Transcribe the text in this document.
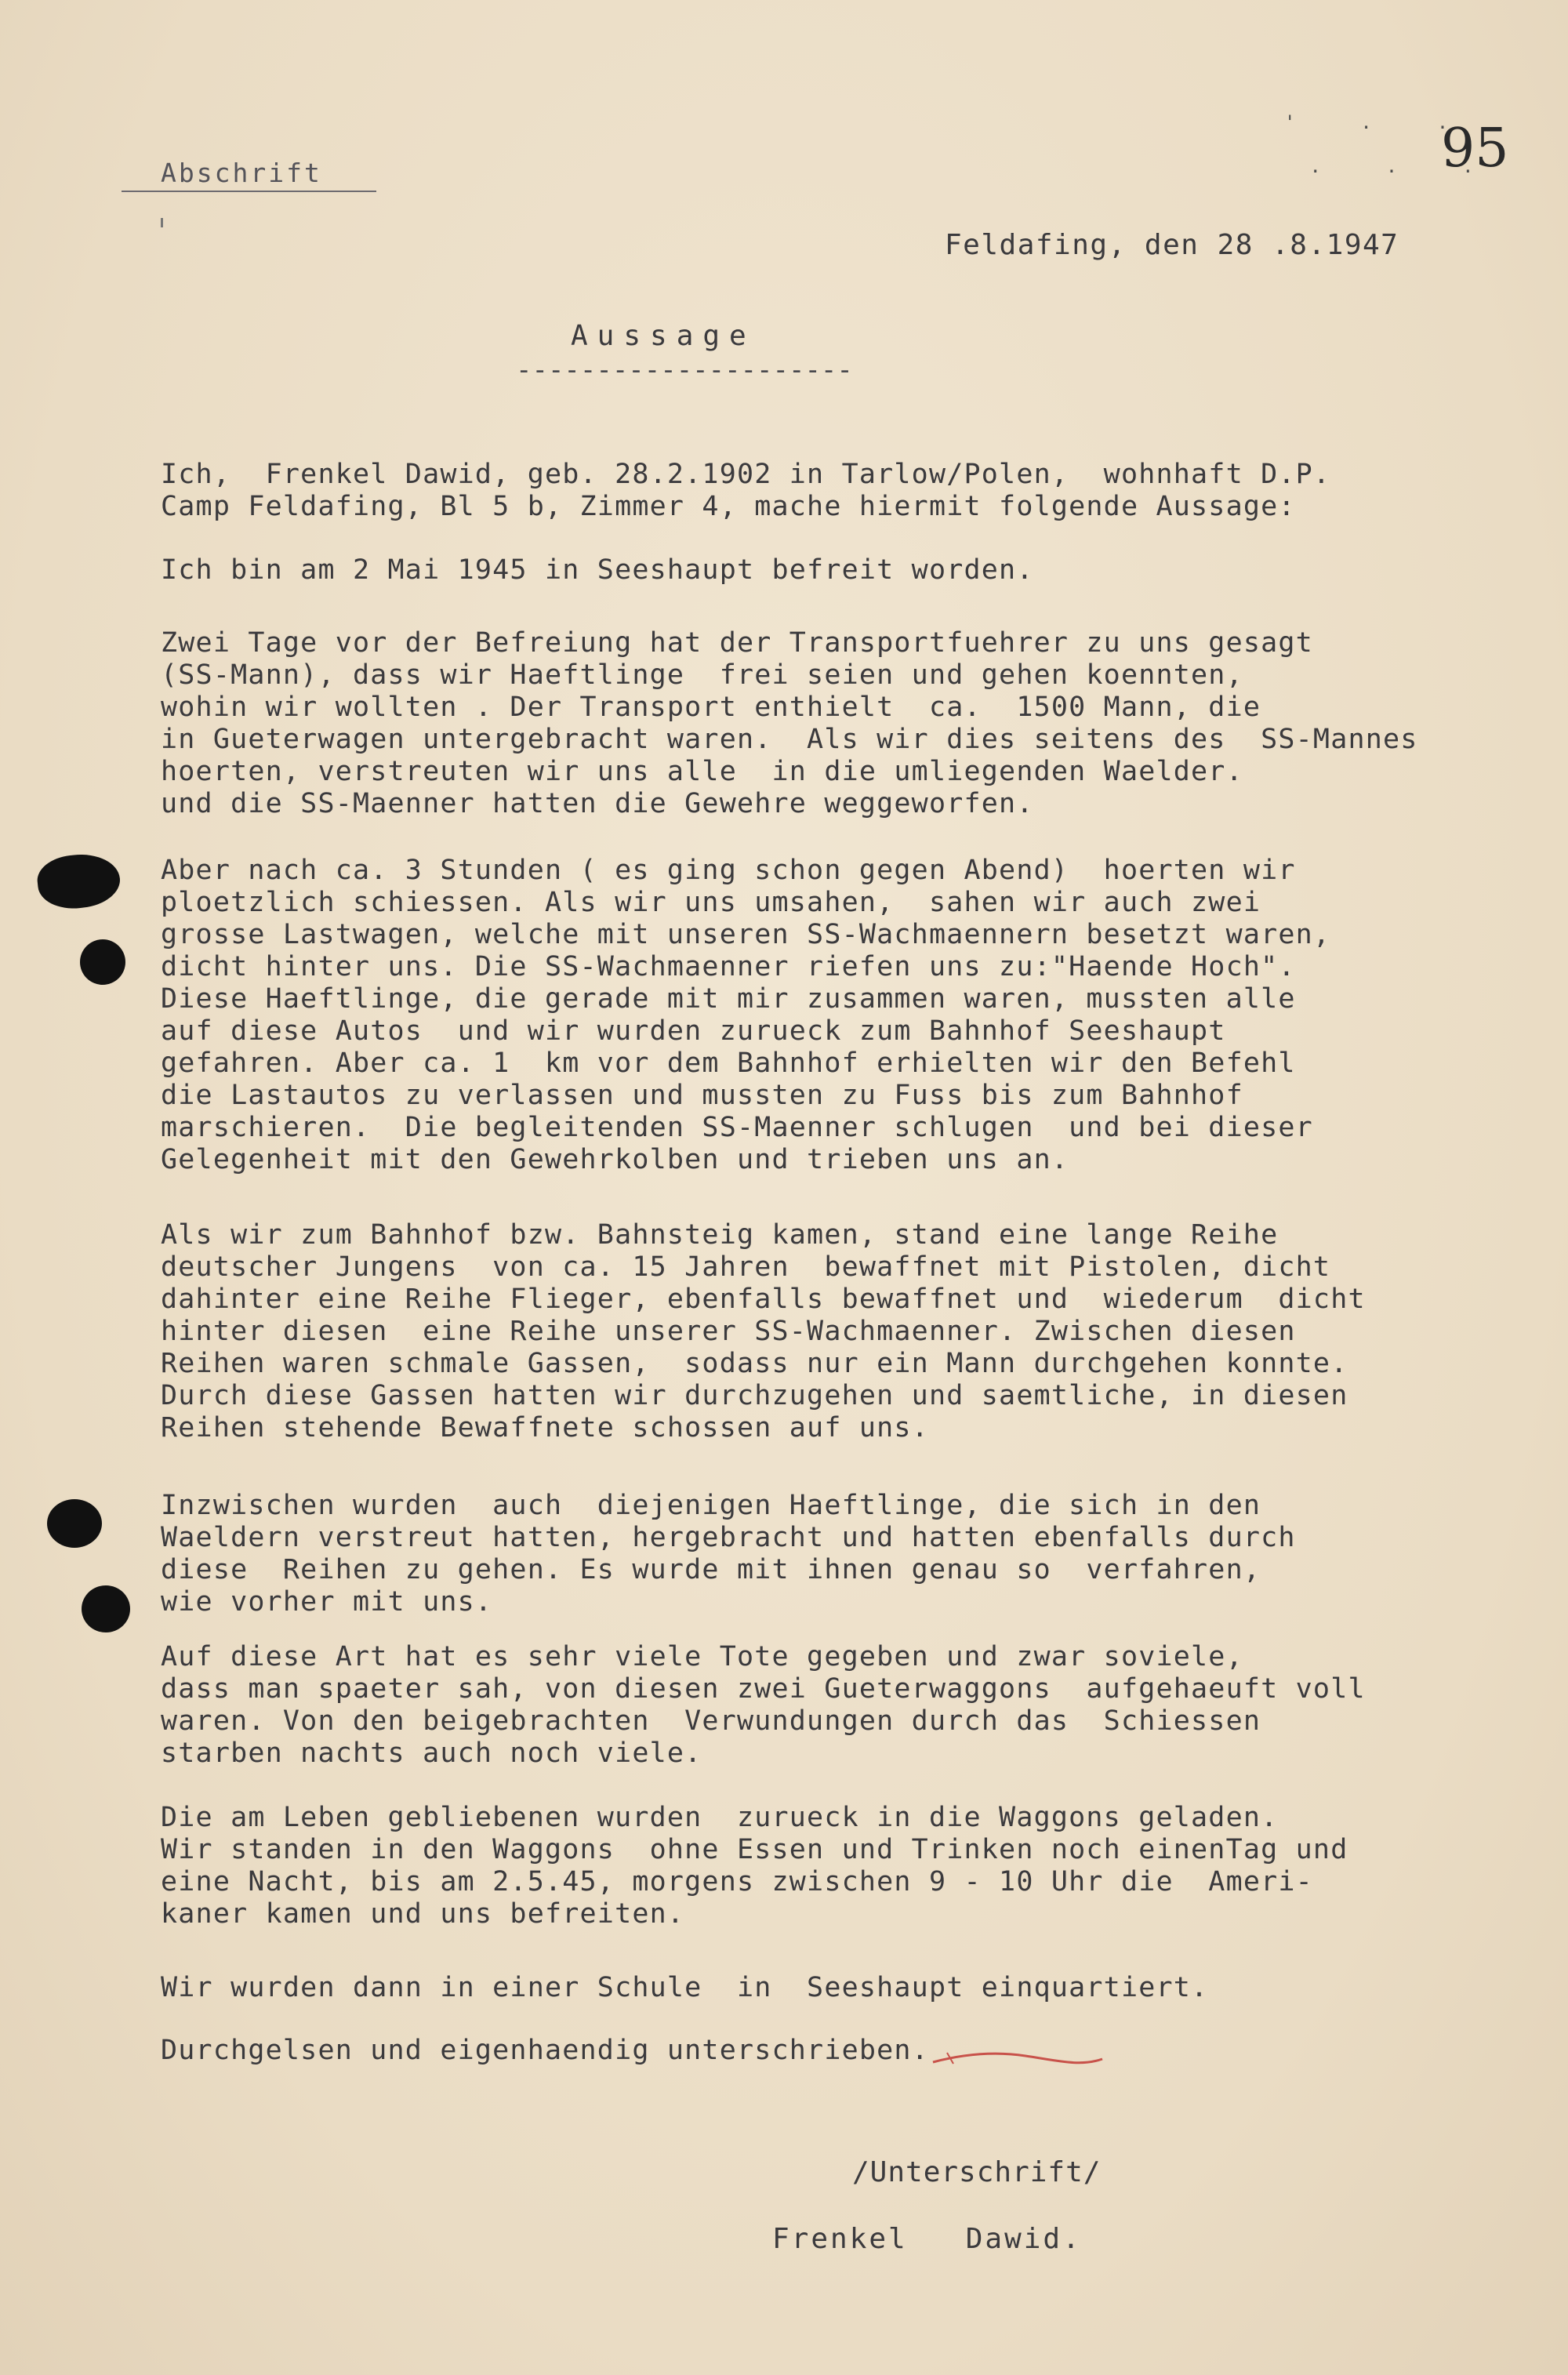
Abschrift
'  .  .
.  .  .
95
Feldafing, den 28 .8.1947
Aussage
---------------------
Ich,  Frenkel Dawid, geb. 28.2.1902 in Tarlow/Polen,  wohnhaft D.P.
Camp Feldafing, Bl 5 b, Zimmer 4, mache hiermit folgende Aussage:
Ich bin am 2 Mai 1945 in Seeshaupt befreit worden.
Zwei Tage vor der Befreiung hat der Transportfuehrer zu uns gesagt
(SS-Mann), dass wir Haeftlinge  frei seien und gehen koennten,
wohin wir wollten . Der Transport enthielt  ca.  1500 Mann, die
in Gueterwagen untergebracht waren.  Als wir dies seitens des  SS-Mannes
hoerten, verstreuten wir uns alle  in die umliegenden Waelder.
und die SS-Maenner hatten die Gewehre weggeworfen.
Aber nach ca. 3 Stunden ( es ging schon gegen Abend)  hoerten wir
ploetzlich schiessen. Als wir uns umsahen,  sahen wir auch zwei
grosse Lastwagen, welche mit unseren SS-Wachmaennern besetzt waren,
dicht hinter uns. Die SS-Wachmaenner riefen uns zu:"Haende Hoch".
Diese Haeftlinge, die gerade mit mir zusammen waren, mussten alle
auf diese Autos  und wir wurden zurueck zum Bahnhof Seeshaupt
gefahren. Aber ca. 1  km vor dem Bahnhof erhielten wir den Befehl
die Lastautos zu verlassen und mussten zu Fuss bis zum Bahnhof
marschieren.  Die begleitenden SS-Maenner schlugen  und bei dieser
Gelegenheit mit den Gewehrkolben und trieben uns an.
Als wir zum Bahnhof bzw. Bahnsteig kamen, stand eine lange Reihe
deutscher Jungens  von ca. 15 Jahren  bewaffnet mit Pistolen, dicht
dahinter eine Reihe Flieger, ebenfalls bewaffnet und  wiederum  dicht
hinter diesen  eine Reihe unserer SS-Wachmaenner. Zwischen diesen
Reihen waren schmale Gassen,  sodass nur ein Mann durchgehen konnte.
Durch diese Gassen hatten wir durchzugehen und saemtliche, in diesen
Reihen stehende Bewaffnete schossen auf uns.
Inzwischen wurden  auch  diejenigen Haeftlinge, die sich in den
Waeldern verstreut hatten, hergebracht und hatten ebenfalls durch
diese  Reihen zu gehen. Es wurde mit ihnen genau so  verfahren,
wie vorher mit uns.
Auf diese Art hat es sehr viele Tote gegeben und zwar soviele,
dass man spaeter sah, von diesen zwei Gueterwaggons  aufgehaeuft voll
waren. Von den beigebrachten  Verwundungen durch das  Schiessen
starben nachts auch noch viele.
Die am Leben gebliebenen wurden  zurueck in die Waggons geladen.
Wir standen in den Waggons  ohne Essen und Trinken noch einenTag und
eine Nacht, bis am 2.5.45, morgens zwischen 9 - 10 Uhr die  Ameri-
kaner kamen und uns befreiten.
Wir wurden dann in einer Schule  in  Seeshaupt einquartiert.
Durchgelsen und eigenhaendig unterschrieben.
/Unterschrift/
Frenkel   Dawid.
